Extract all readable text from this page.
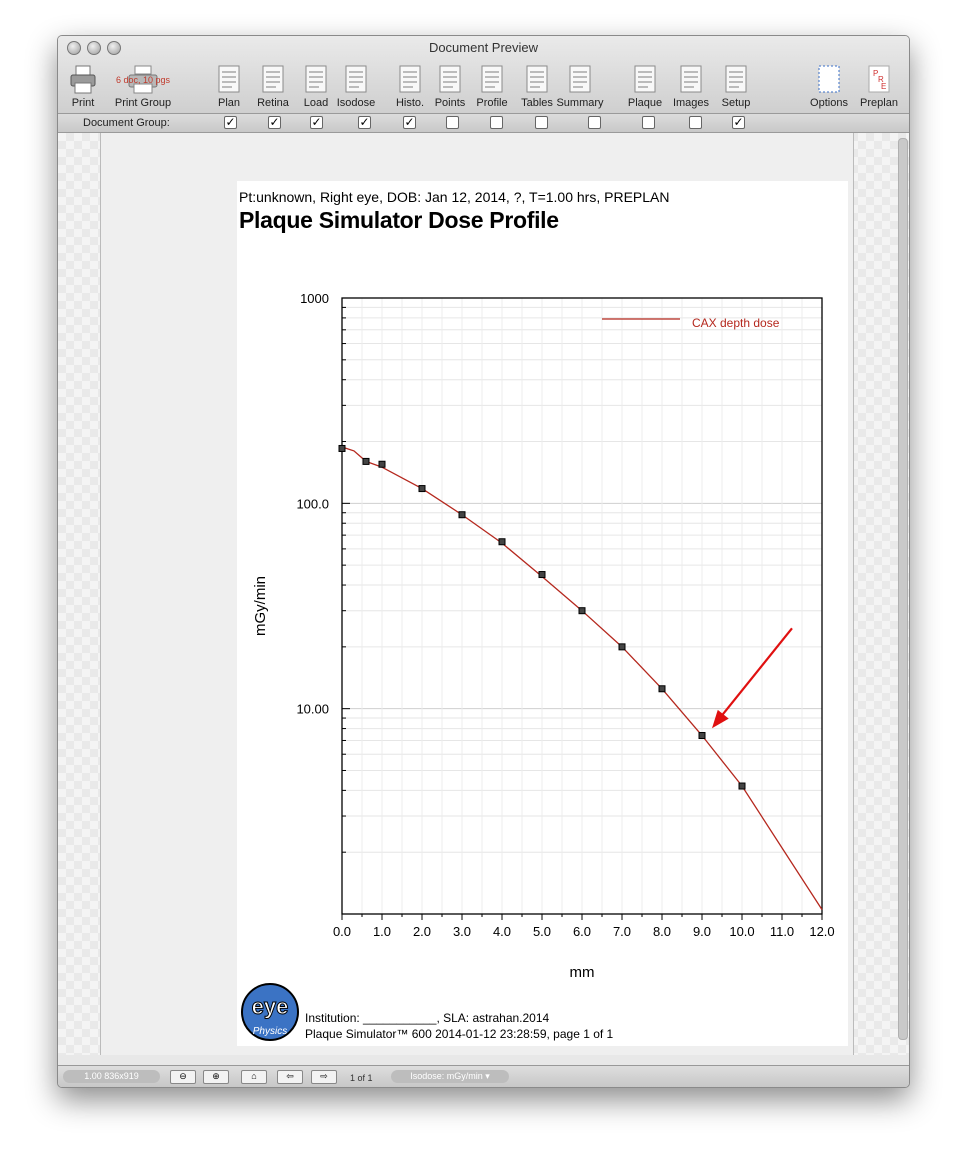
Document Preview
Print
6 doc, 10 pgs
Print Group	Plan	Retina	Load Isodose	Histo. Points	Profile	Tables Summary	Plaque Images	Setup	Options
P
R
E
Preplan
Document Group:	✓	✓	✓	✓	✓	✓
Pt:unknown, Right eye, DOB: Jan 12, 2014, ?, T=1.00 hrs, PREPLAN
Plaque Simulator Dose Profile
1000
100.0
10.00
0.0 1.0 2.0 3.0 4.0 5.0 6.0 7.0 8.0 9.0 10.0 11.0 12.0
mm
mGy/min
CAX depth dose
eye
Physics
Institution: ___________, SLA: astrahan.2014
Plaque Simulator™ 600 2014-01-12 23:28:59, page 1 of 1
1.00 836x919	⊖	⊕	⌂	⇦	⇨	1 of 1	Isodose: mGy/min ▾
